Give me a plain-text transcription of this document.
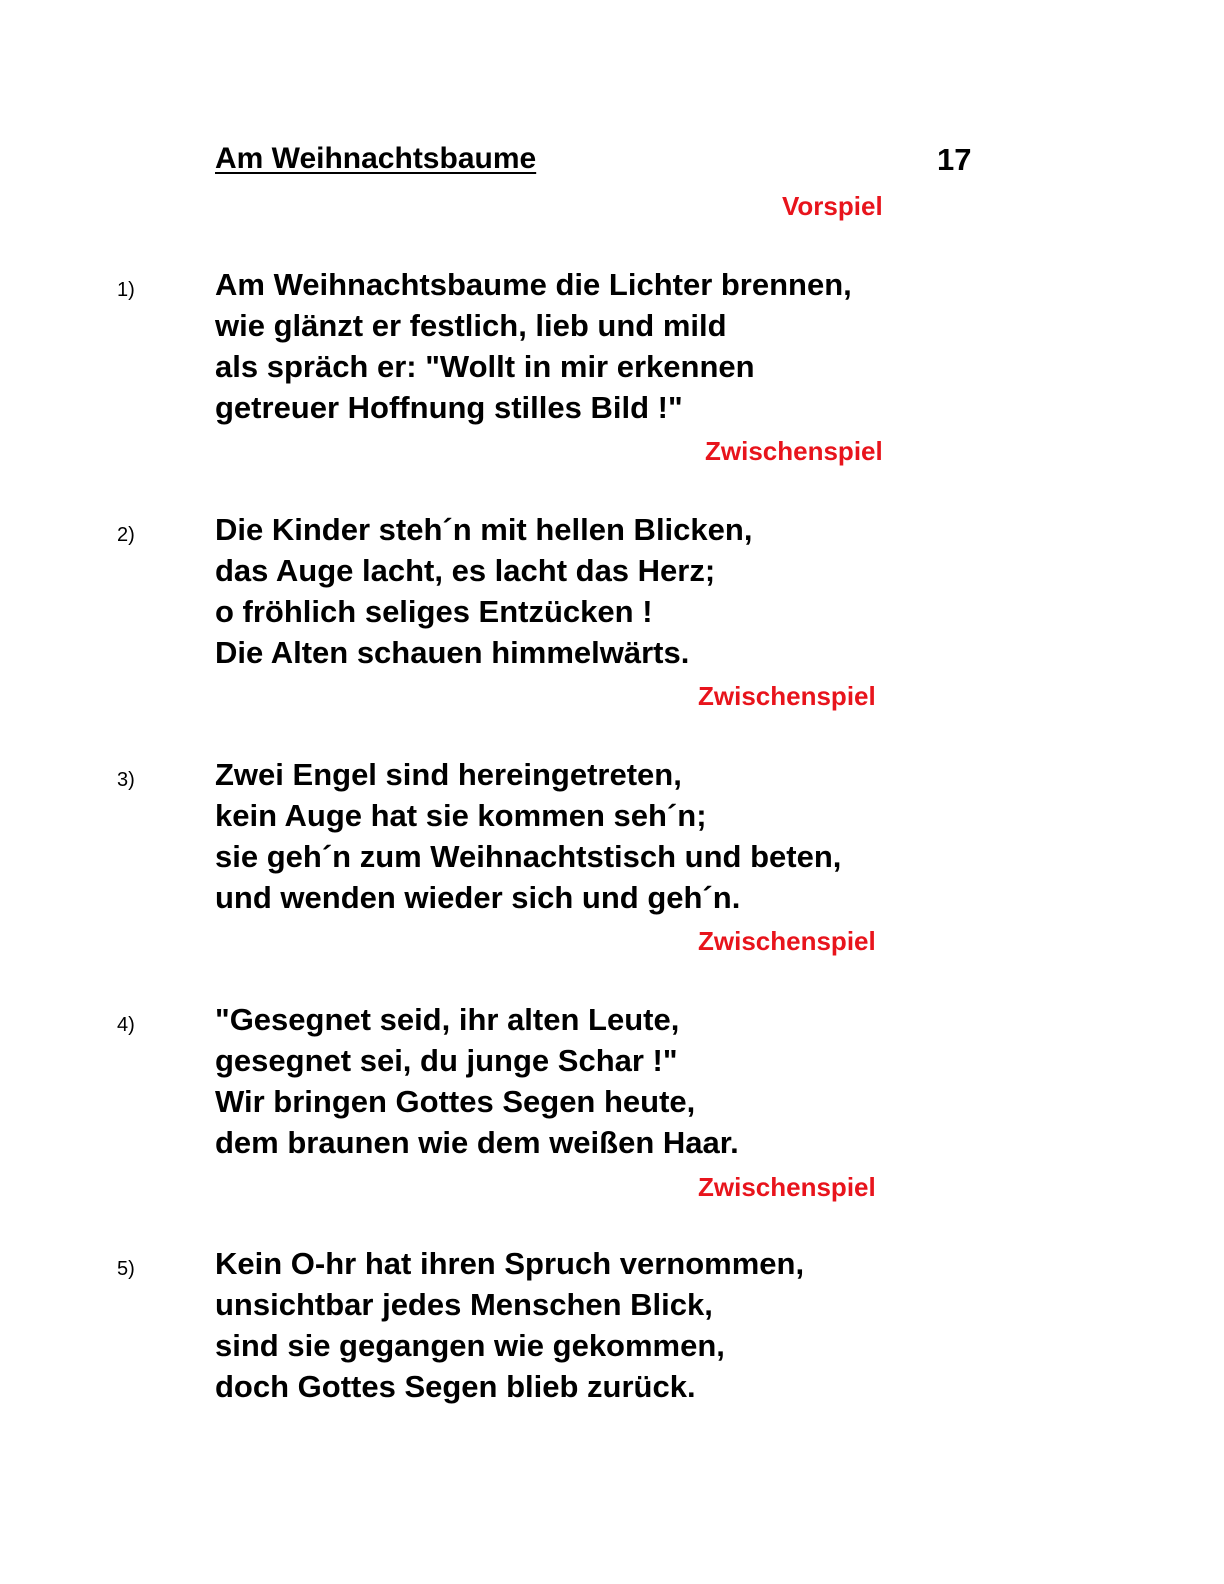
Am Weihnachtsbaume	17
Vorspiel
1)	Am Weihnachtsbaume die Lichter brennen,
wie glänzt er festlich, lieb und mild
als spräch er: "Wollt in mir erkennen
getreuer Hoffnung stilles Bild !"
Zwischenspiel
2)	Die Kinder steh´n mit hellen Blicken,
das Auge lacht, es lacht das Herz;
o fröhlich seliges Entzücken !
Die Alten schauen himmelwärts.
Zwischenspiel
3)	Zwei Engel sind hereingetreten,
kein Auge hat sie kommen seh´n;
sie geh´n zum Weihnachtstisch und beten,
und wenden wieder sich und geh´n.
Zwischenspiel
4)	"Gesegnet seid, ihr alten Leute,
gesegnet sei, du junge Schar !"
Wir bringen Gottes Segen heute,
dem braunen wie dem weißen Haar.
Zwischenspiel
5)	Kein O-hr hat ihren Spruch vernommen,
unsichtbar jedes Menschen Blick,
sind sie gegangen wie gekommen,
doch Gottes Segen blieb zurück.
